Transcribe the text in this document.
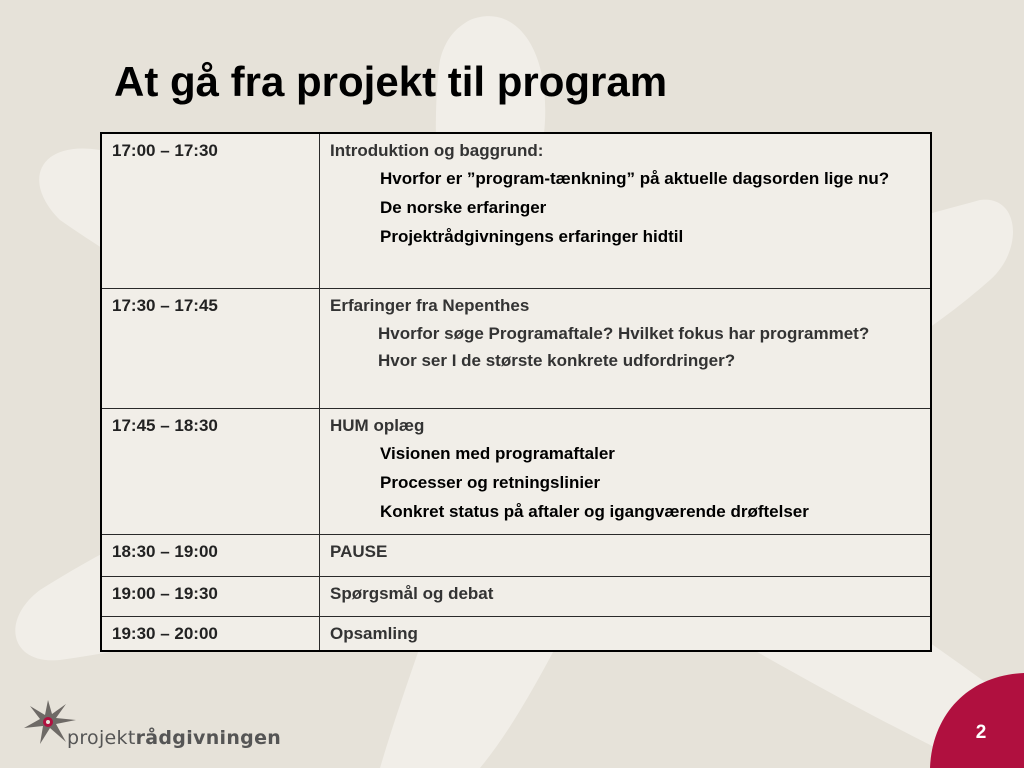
At gå fra projekt til program
17:00 – 17:30	Introduktion og baggrund:
Hvorfor er ”program-tænkning” på aktuelle dagsorden lige nu?
De norske erfaringer
Projektrådgivningens erfaringer hidtil

17:30 – 17:45	Erfaringer fra Nepenthes
Hvorfor søge Programaftale? Hvilket fokus har programmet?
Hvor ser I de største konkrete udfordringer?

17:45 – 18:30	HUM oplæg
Visionen med programaftaler
Processer og retningslinier
Konkret status på aftaler og igangværende drøftelser

18:30 – 19:00	PAUSE

19:00 – 19:30	Spørgsmål og debat

19:30 – 20:00	Opsamling
projektrådgivningen	2
